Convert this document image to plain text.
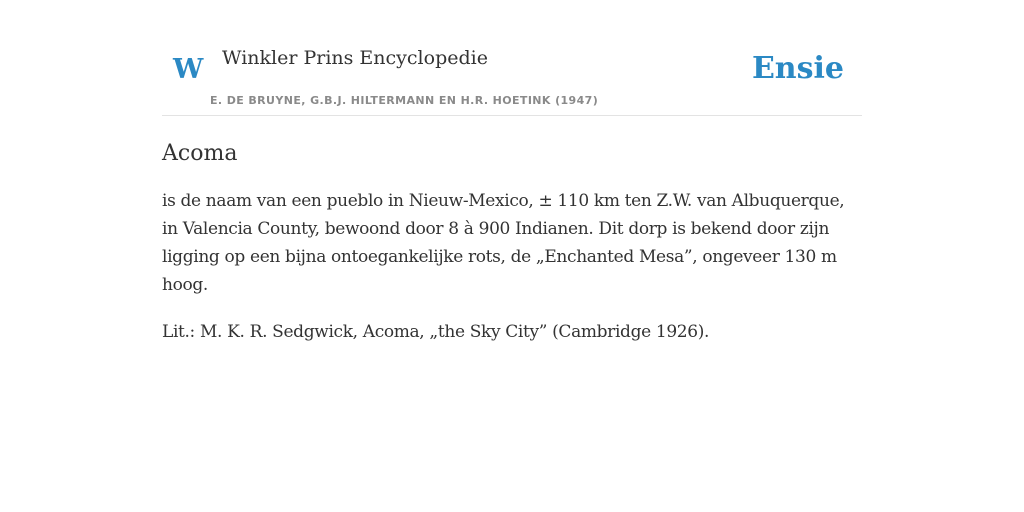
W Winkler Prins Encyclopedie
E. DE BRUYNE, G.B.J. HILTERMANN EN H.R. HOETINK (1947)
Ensie
Acoma

is de naam van een pueblo in Nieuw-Mexico, ± 110 km ten Z.W. van Albuquerque, in Valencia County, bewoond door 8 à 900 Indianen. Dit dorp is bekend door zijn ligging op een bijna ontoegankelijke rots, de „Enchanted Mesa”, ongeveer 130 m hoog.

Lit.: M. K. R. Sedgwick, Acoma, „the Sky City” (Cambridge 1926).
